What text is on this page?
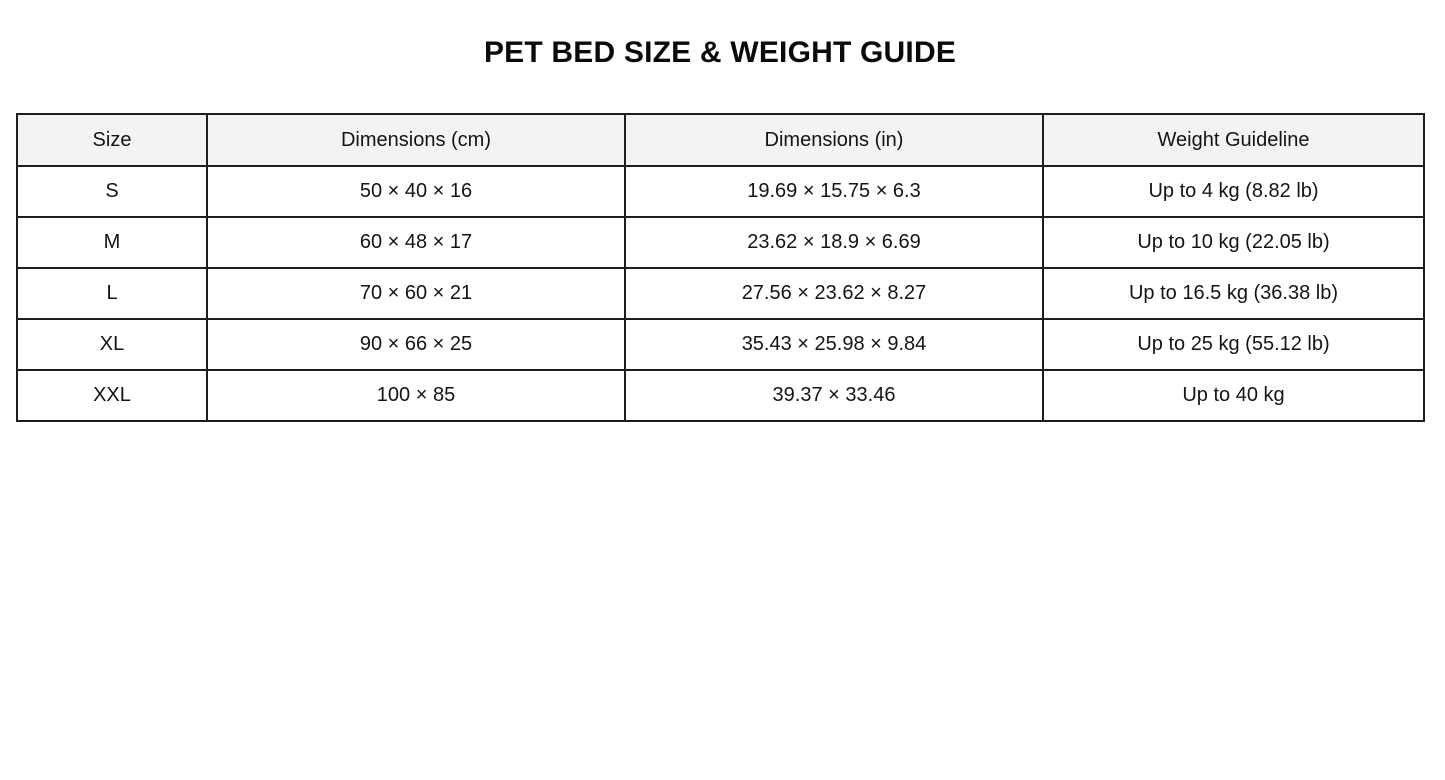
PET BED SIZE & WEIGHT GUIDE
Size	Dimensions (cm)	Dimensions (in)	Weight Guideline
S	50 × 40 × 16	19.69 × 15.75 × 6.3	Up to 4 kg (8.82 lb)
M	60 × 48 × 17	23.62 × 18.9 × 6.69	Up to 10 kg (22.05 lb)
L	70 × 60 × 21	27.56 × 23.62 × 8.27	Up to 16.5 kg (36.38 lb)
XL	90 × 66 × 25	35.43 × 25.98 × 9.84	Up to 25 kg (55.12 lb)
XXL	100 × 85	39.37 × 33.46	Up to 40 kg
